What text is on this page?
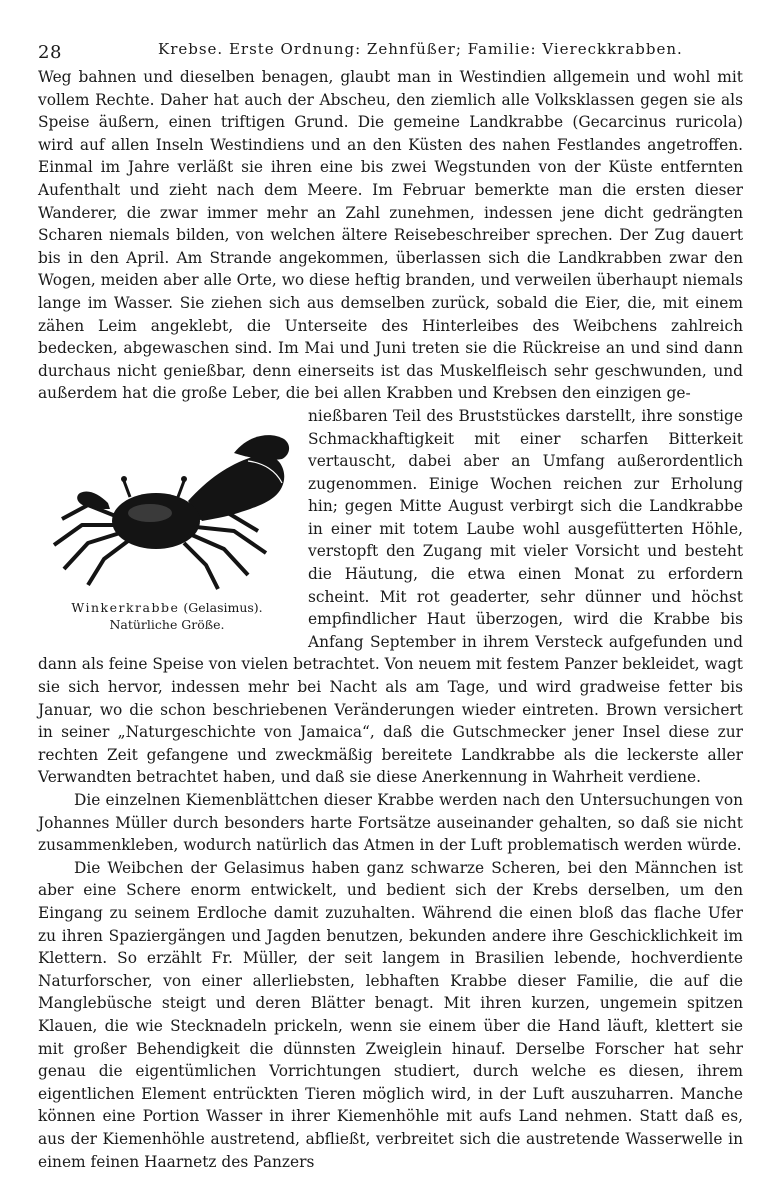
28	Krebse. Erste Ordnung: Zehnfüßer; Familie: Viereckkrabben.

Weg bahnen und dieselben benagen, glaubt man in Westindien allgemein und wohl mit vollem Rechte. Daher hat auch der Abscheu, den ziemlich alle Volksklassen gegen sie als Speise äußern, einen triftigen Grund. Die gemeine Landkrabbe (Gecarcinus ruricola) wird auf allen Inseln Westindiens und an den Küsten des nahen Festlandes angetroffen. Einmal im Jahre verläßt sie ihren eine bis zwei Wegstunden von der Küste entfernten Aufenthalt und zieht nach dem Meere. Im Februar bemerkte man die ersten dieser Wanderer, die zwar immer mehr an Zahl zunehmen, indessen jene dicht gedrängten Scharen niemals bilden, von welchen ältere Reisebeschreiber sprechen. Der Zug dauert bis in den April. Am Strande angekommen, überlassen sich die Landkrabben zwar den Wogen, meiden aber alle Orte, wo diese heftig branden, und verweilen überhaupt niemals lange im Wasser. Sie ziehen sich aus demselben zurück, sobald die Eier, die, mit einem zähen Leim angeklebt, die Unterseite des Hinterleibes des Weibchens zahlreich bedecken, abgewaschen sind. Im Mai und Juni treten sie die Rückreise an und sind dann durchaus nicht genießbar, denn einerseits ist das Muskelfleisch sehr geschwunden, und außerdem hat die große Leber, die bei allen Krabben und Krebsen den einzigen ge-

Winkerkrabbe (Gelasimus). Natürliche Größe.

nießbaren Teil des Bruststückes darstellt, ihre sonstige Schmackhaftigkeit mit einer scharfen Bitterkeit vertauscht, dabei aber an Umfang außerordentlich zugenommen. Einige Wochen reichen zur Erholung hin; gegen Mitte August verbirgt sich die Landkrabbe in einer mit totem Laube wohl ausgefütterten Höhle, verstopft den Zugang mit vieler Vorsicht und besteht die Häutung, die etwa einen Monat zu erfordern scheint. Mit rot geaderter, sehr dünner und höchst empfindlicher Haut überzogen, wird die Krabbe bis Anfang September in ihrem Versteck aufgefunden und dann als feine Speise von vielen betrachtet. Von neuem mit festem Panzer bekleidet, wagt sie sich hervor, indessen mehr bei Nacht als am Tage, und wird gradweise fetter bis Januar, wo die schon beschriebenen Veränderungen wieder eintreten. Brown versichert in seiner „Naturgeschichte von Jamaica“, daß die Gutschmecker jener Insel diese zur rechten Zeit gefangene und zweckmäßig bereitete Landkrabbe als die leckerste aller Verwandten betrachtet haben, und daß sie diese Anerkennung in Wahrheit verdiene.

Die einzelnen Kiemenblättchen dieser Krabbe werden nach den Untersuchungen von Johannes Müller durch besonders harte Fortsätze auseinander gehalten, so daß sie nicht zusammenkleben, wodurch natürlich das Atmen in der Luft problematisch werden würde.

Die Weibchen der Gelasimus haben ganz schwarze Scheren, bei den Männchen ist aber eine Schere enorm entwickelt, und bedient sich der Krebs derselben, um den Eingang zu seinem Erdloche damit zuzuhalten. Während die einen bloß das flache Ufer zu ihren Spaziergängen und Jagden benutzen, bekunden andere ihre Geschicklichkeit im Klettern. So erzählt Fr. Müller, der seit langem in Brasilien lebende, hochverdiente Naturforscher, von einer allerliebsten, lebhaften Krabbe dieser Familie, die auf die Manglebüsche steigt und deren Blätter benagt. Mit ihren kurzen, ungemein spitzen Klauen, die wie Stecknadeln prickeln, wenn sie einem über die Hand läuft, klettert sie mit großer Behendigkeit die dünnsten Zweiglein hinauf. Derselbe Forscher hat sehr genau die eigentümlichen Vorrichtungen studiert, durch welche es diesen, ihrem eigentlichen Element entrückten Tieren möglich wird, in der Luft auszuharren. Manche können eine Portion Wasser in ihrer Kiemenhöhle mit aufs Land nehmen. Statt daß es, aus der Kiemenhöhle austretend, abfließt, verbreitet sich die austretende Wasserwelle in einem feinen Haarnetz des Panzers
